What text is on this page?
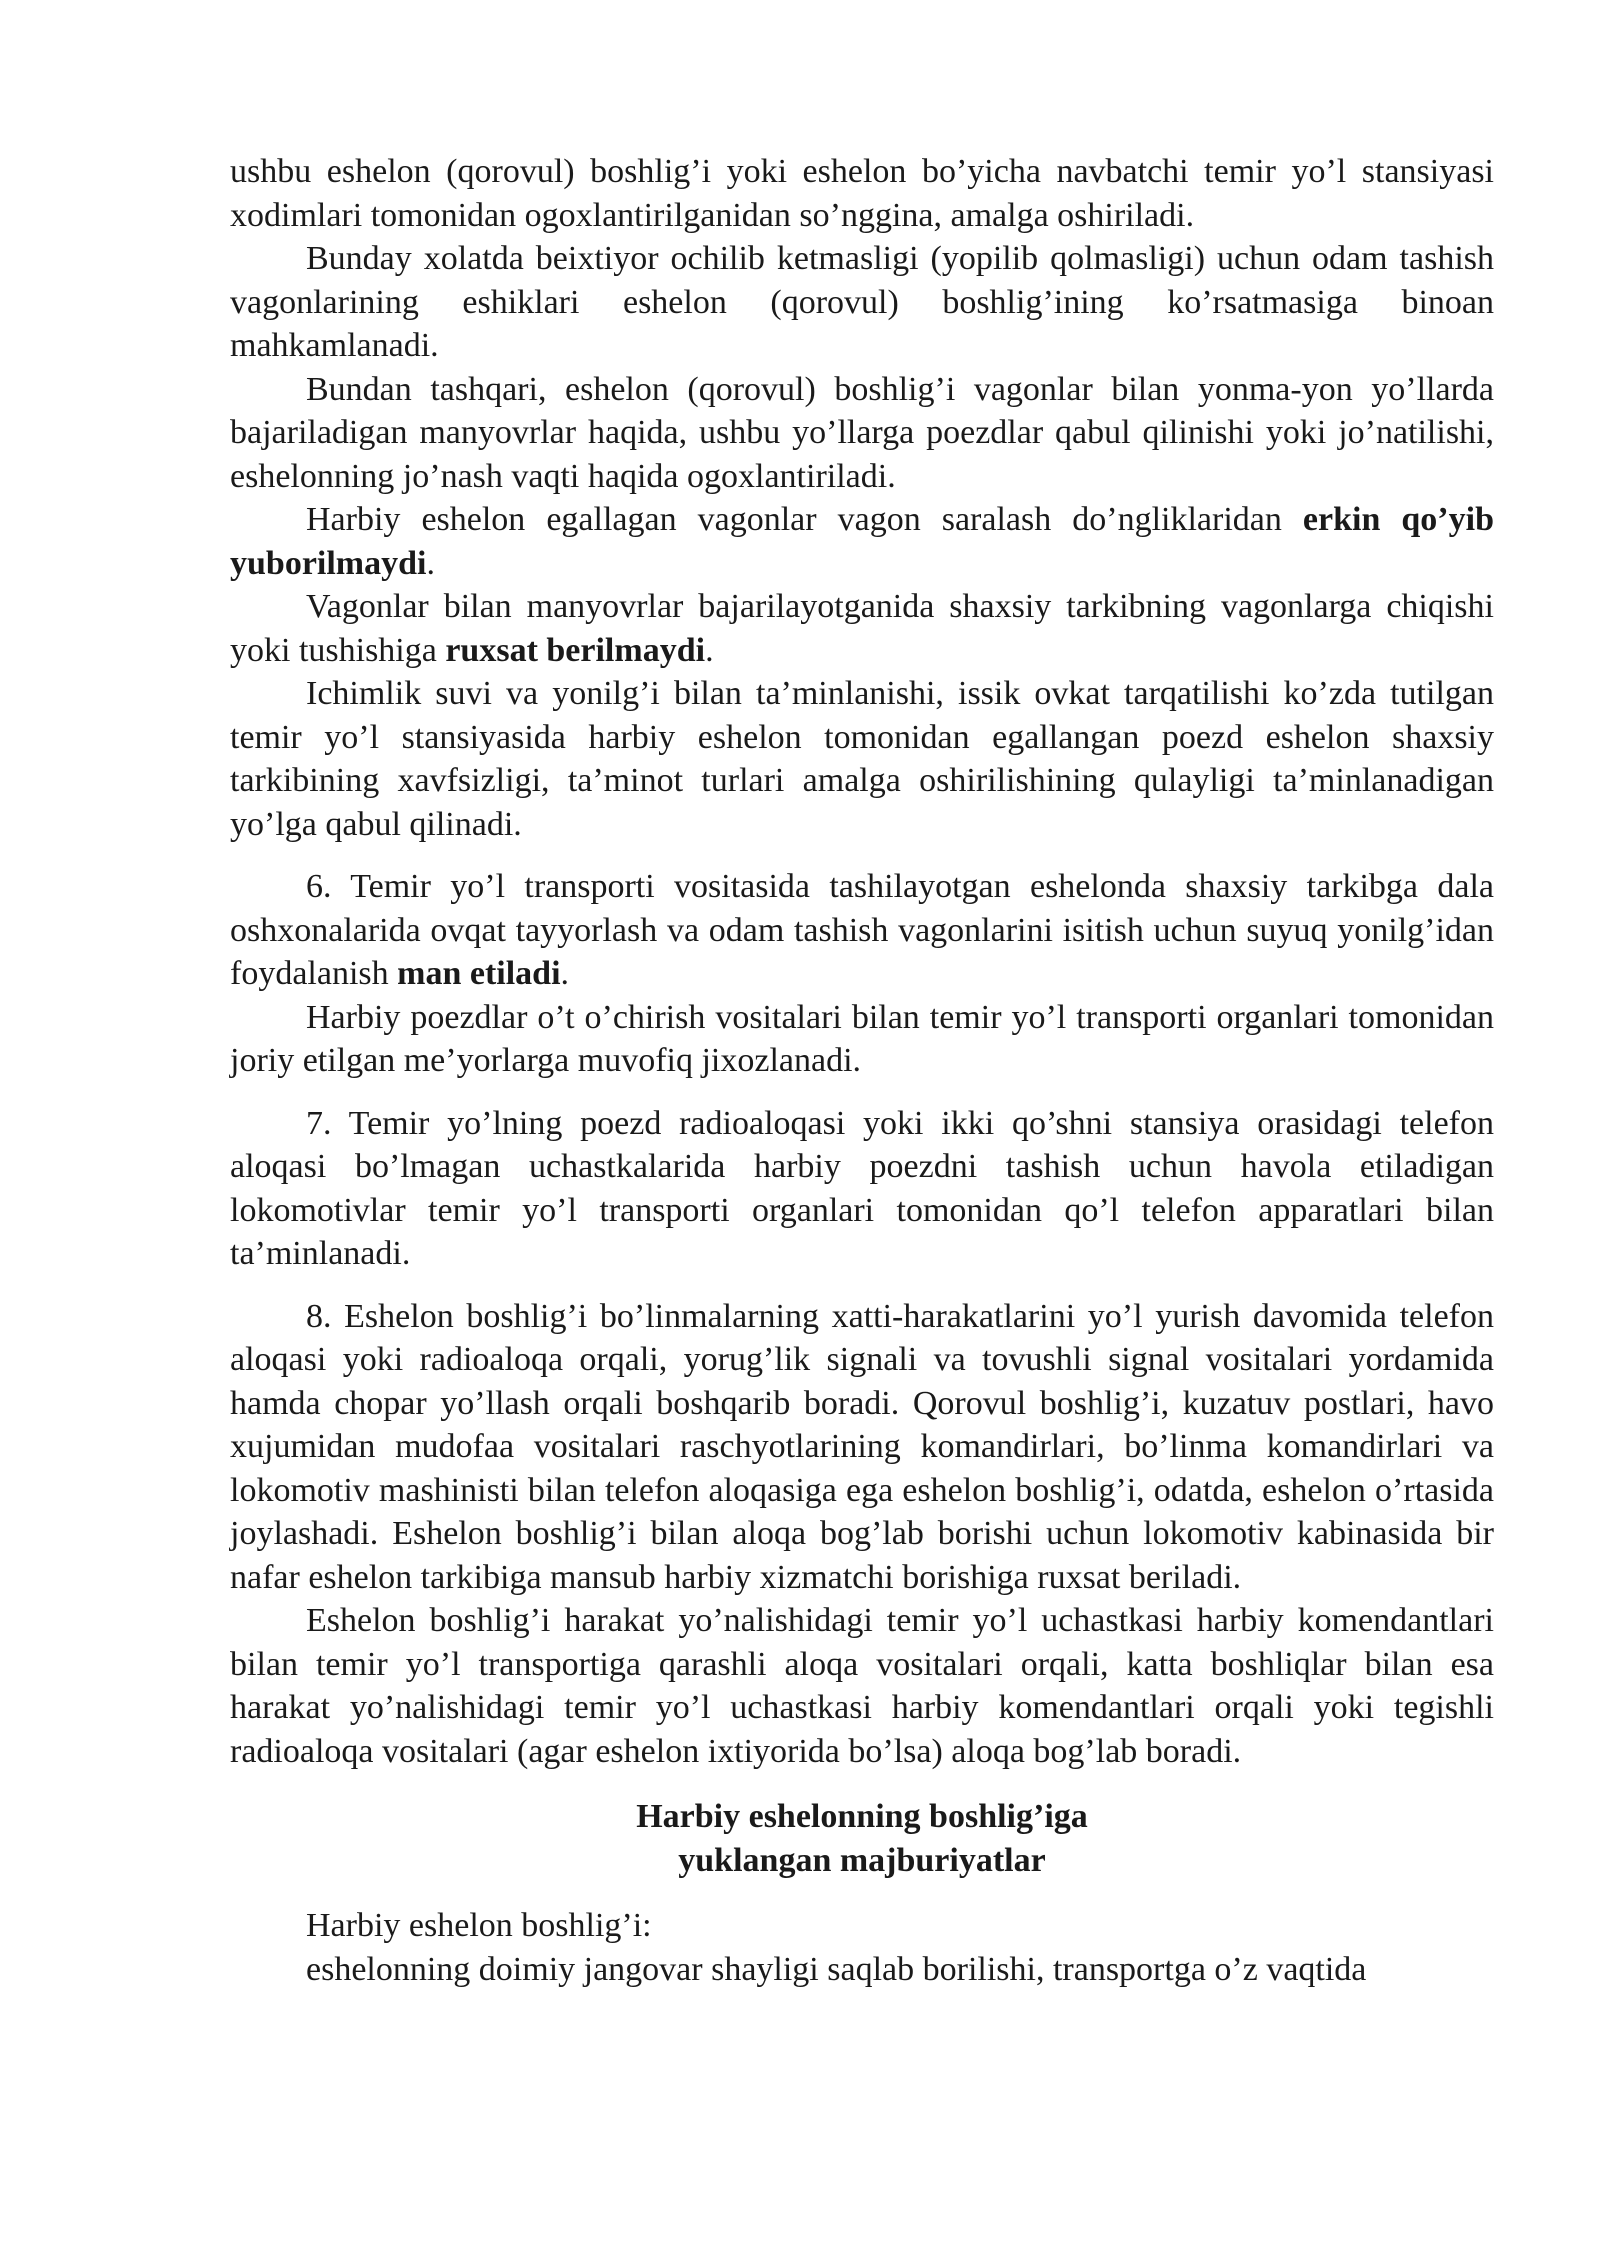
ushbu eshelon (qorovul) boshlig’i yoki eshelon bo’yicha navbatchi temir yo’l stansiyasi xodimlari tomonidan ogoxlantirilganidan so’nggina, amalga oshiriladi.

Bunday xolatda beixtiyor ochilib ketmasligi (yopilib qolmasligi) uchun odam tashish vagonlarining eshiklari eshelon (qorovul) boshlig’ining ko’rsatmasiga binoan mahkamlanadi.

Bundan tashqari, eshelon (qorovul) boshlig’i vagonlar bilan yonma-yon yo’llarda bajariladigan manyovrlar haqida, ushbu yo’llarga poezdlar qabul qilinishi yoki jo’natilishi, eshelonning jo’nash vaqti haqida ogoxlantiriladi.

Harbiy eshelon egallagan vagonlar vagon saralash do’ngliklaridan erkin qo’yib yuborilmaydi.

Vagonlar bilan manyovrlar bajarilayotganida shaxsiy tarkibning vagonlarga chiqishi yoki tushishiga ruxsat berilmaydi.

Ichimlik suvi va yonilg’i bilan ta’minlanishi, issik ovkat tarqatilishi ko’zda tutilgan temir yo’l stansiyasida harbiy eshelon tomonidan egallangan poezd eshelon shaxsiy tarkibining xavfsizligi, ta’minot turlari amalga oshirilishining qulayligi ta’minlanadigan yo’lga qabul qilinadi.

6. Temir yo’l transporti vositasida tashilayotgan eshelonda shaxsiy tarkibga dala oshxonalarida ovqat tayyorlash va odam tashish vagonlarini isitish uchun suyuq yonilg’idan foydalanish man etiladi.

Harbiy poezdlar o’t o’chirish vositalari bilan temir yo’l transporti organlari tomonidan joriy etilgan me’yorlarga muvofiq jixozlanadi.

7. Temir yo’lning poezd radioaloqasi yoki ikki qo’shni stansiya orasidagi telefon aloqasi bo’lmagan uchastkalarida harbiy poezdni tashish uchun havola etiladigan lokomotivlar temir yo’l transporti organlari tomonidan qo’l telefon apparatlari bilan ta’minlanadi.

8. Eshelon boshlig’i bo’linmalarning xatti-harakatlarini yo’l yurish davomida telefon aloqasi yoki radioaloqa orqali, yorug’lik signali va tovushli signal vositalari yordamida hamda chopar yo’llash orqali boshqarib boradi. Qorovul boshlig’i, kuzatuv postlari, havo xujumidan mudofaa vositalari raschyotlarining komandirlari, bo’linma komandirlari va lokomotiv mashinisti bilan telefon aloqasiga ega eshelon boshlig’i, odatda, eshelon o’rtasida joylashadi. Eshelon boshlig’i bilan aloqa bog’lab borishi uchun lokomotiv kabinasida bir nafar eshelon tarkibiga mansub harbiy xizmatchi borishiga ruxsat beriladi.

Eshelon boshlig’i harakat yo’nalishidagi temir yo’l uchastkasi harbiy komendantlari bilan temir yo’l transportiga qarashli aloqa vositalari orqali, katta boshliqlar bilan esa harakat yo’nalishidagi temir yo’l uchastkasi harbiy komendantlari orqali yoki tegishli radioaloqa vositalari (agar eshelon ixtiyorida bo’lsa) aloqa bog’lab boradi.

Harbiy eshelonning boshlig’iga
yuklangan majburiyatlar

Harbiy eshelon boshlig’i:

eshelonning doimiy jangovar shayligi saqlab borilishi, transportga o’z vaqtida
